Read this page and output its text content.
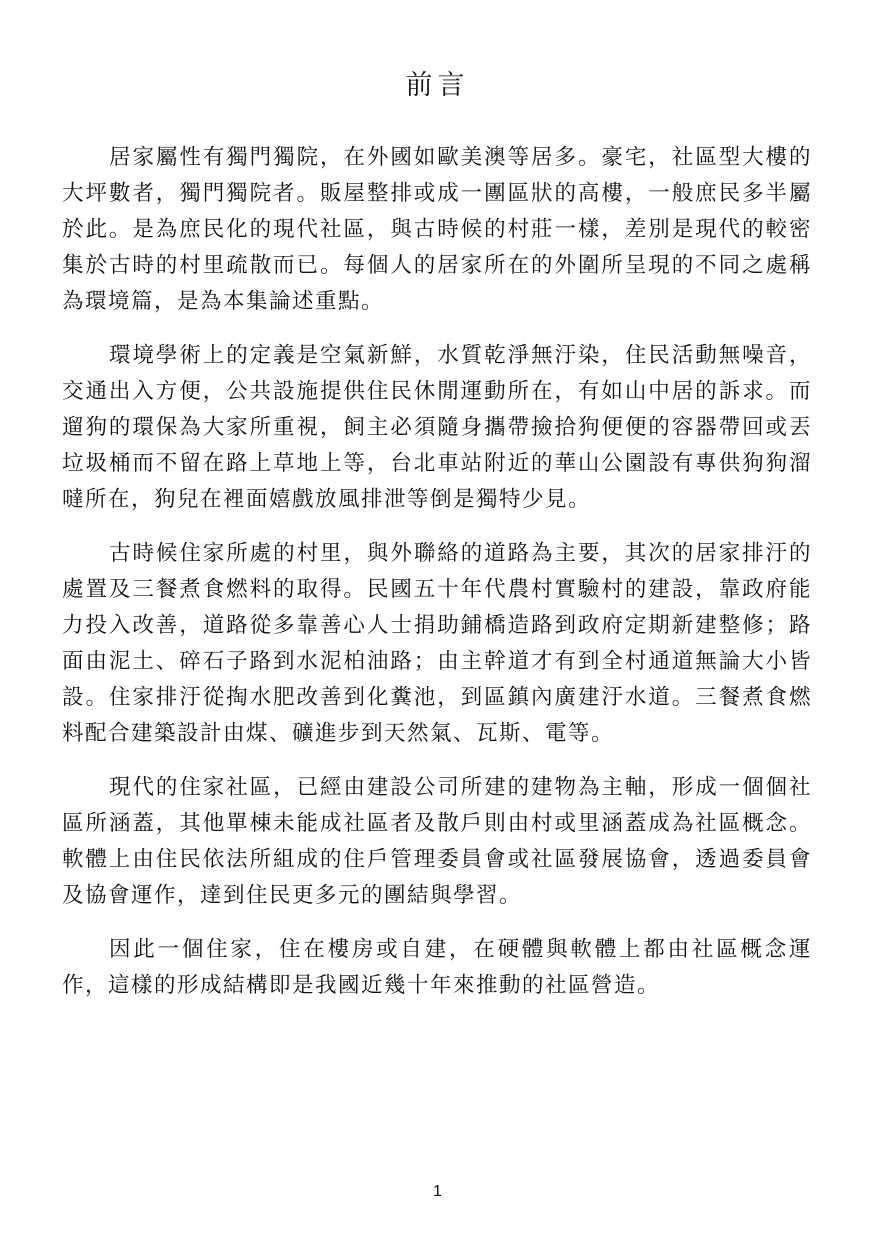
前言

居家屬性有獨門獨院，在外國如歐美澳等居多。豪宅，社區型大樓的大坪數者，獨門獨院者。販屋整排或成一團區狀的高樓，一般庶民多半屬於此。是為庶民化的現代社區，與古時候的村莊一樣，差別是現代的較密集於古時的村里疏散而已。每個人的居家所在的外圍所呈現的不同之處稱為環境篇，是為本集論述重點。

環境學術上的定義是空氣新鮮，水質乾淨無汙染，住民活動無噪音，交通出入方便，公共設施提供住民休閒運動所在，有如山中居的訴求。而遛狗的環保為大家所重視，飼主必須隨身攜帶撿拾狗便便的容器帶回或丟垃圾桶而不留在路上草地上等，台北車站附近的華山公園設有專供狗狗溜噠所在，狗兒在裡面嬉戲放風排泄等倒是獨特少見。

古時候住家所處的村里，與外聯絡的道路為主要，其次的居家排汙的處置及三餐煮食燃料的取得。民國五十年代農村實驗村的建設，靠政府能力投入改善，道路從多靠善心人士捐助鋪橋造路到政府定期新建整修；路面由泥土、碎石子路到水泥柏油路；由主幹道才有到全村通道無論大小皆設。住家排汙從掏水肥改善到化糞池，到區鎮內廣建汙水道。三餐煮食燃料配合建築設計由煤、礦進步到天然氣、瓦斯、電等。

現代的住家社區，已經由建設公司所建的建物為主軸，形成一個個社區所涵蓋，其他單棟未能成社區者及散戶則由村或里涵蓋成為社區概念。軟體上由住民依法所組成的住戶管理委員會或社區發展協會，透過委員會及協會運作，達到住民更多元的團結與學習。

因此一個住家，住在樓房或自建，在硬體與軟體上都由社區概念運作，這樣的形成結構即是我國近幾十年來推動的社區營造。

1
